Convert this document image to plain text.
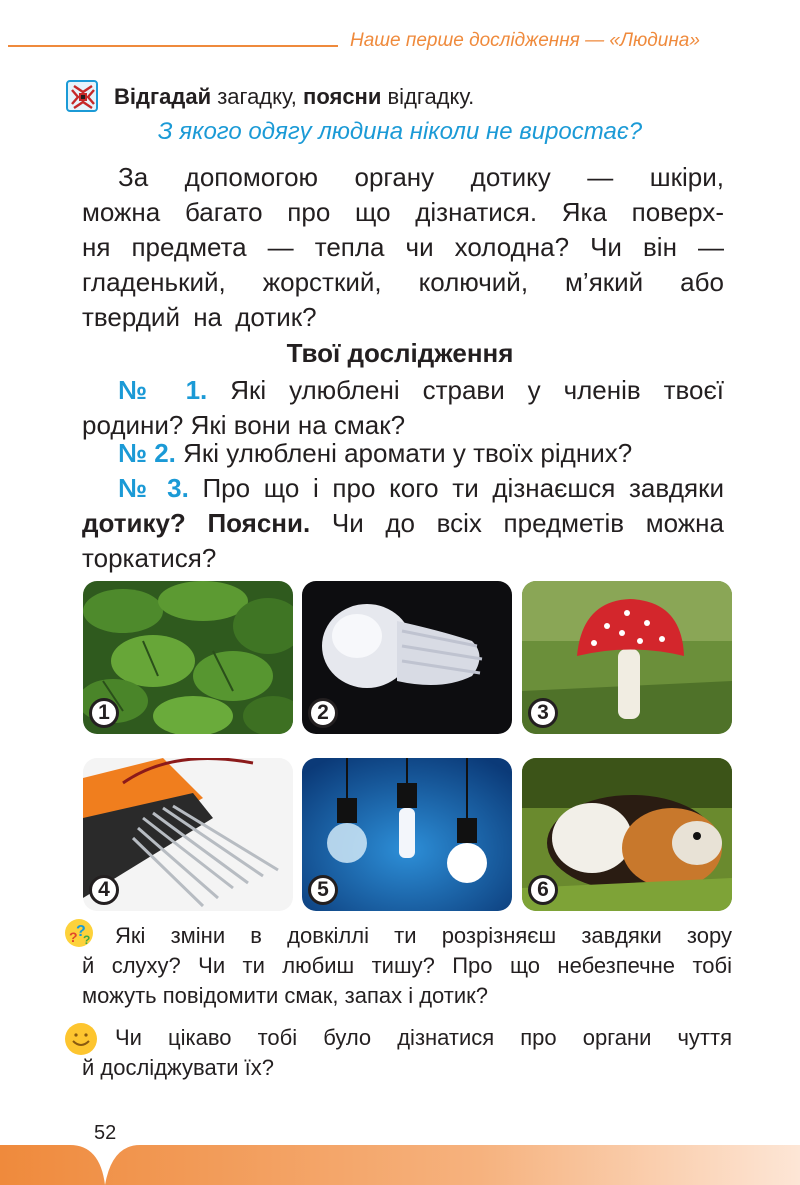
Наше перше дослідження — «Людина»
Відгадай загадку, поясни відгадку.
З якого одягу людина ніколи не виростає?
За допомогою органу дотику — шкіри,
можна багато про що дізнатися. Яка поверх-
ня предмета — тепла чи холодна? Чи він —
гладенький, жорсткий, колючий, м’який або
твердий на дотик?
Твої дослідження
№ 1. Які улюблені страви у членів твоєї
родини? Які вони на смак?
№ 2. Які улюблені аромати у твоїх рідних?
№ 3. Про що і про кого ти дізнаєшся завдяки
дотику? Поясни. Чи до всіх предметів можна
торкатися?
1	2	3
4	5	6
?
?
?	Які зміни в довкіллі ти розрізняєш завдяки зору
й слуху? Чи ти любиш тишу? Про що небезпечне тобі
можуть повідомити смак, запах і дотик?
Чи цікаво тобі було дізнатися про органи чуття
й досліджувати їх?
52
